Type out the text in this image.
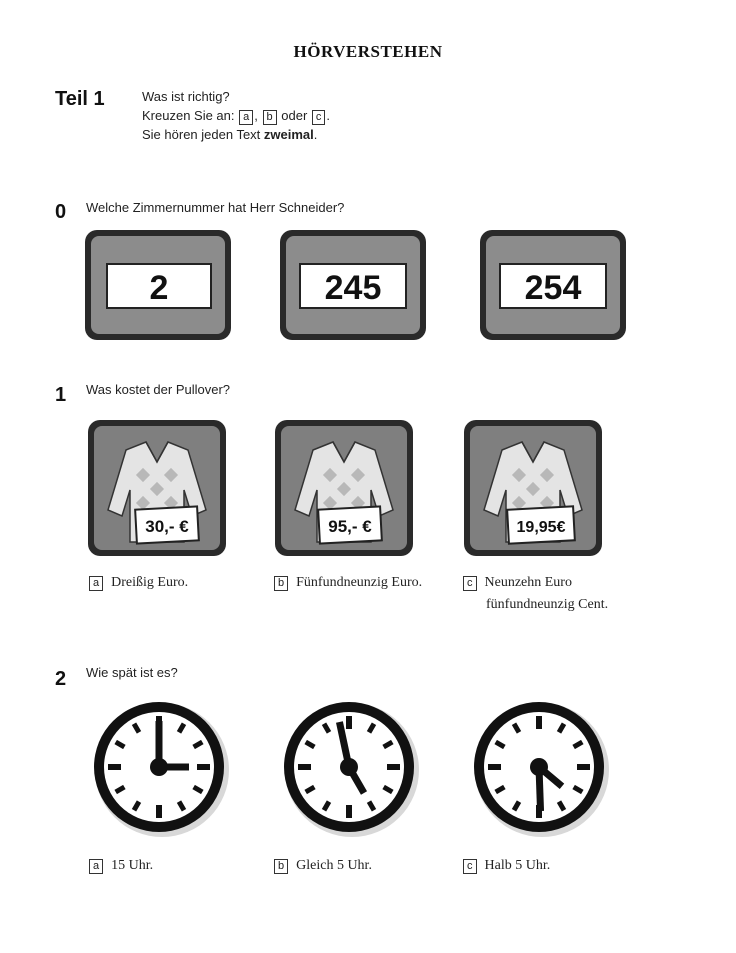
HÖRVERSTEHEN
Teil 1	Was ist richtig?
Kreuzen Sie an: a , b oder c .
Sie hören jeden Text zweimal.
0 Welche Zimmernummer hat Herr Schneider?
2	245	254
1 Was kostet der Pullover?
30,- €	95,- €	19,95€
a Dreißig Euro.	b Fünfundneunzig Euro.	c Neunzehn Euro
fünfundneunzig Cent.
2 Wie spät ist es?
a 15 Uhr.	b Gleich 5 Uhr.	c Halb 5 Uhr.
